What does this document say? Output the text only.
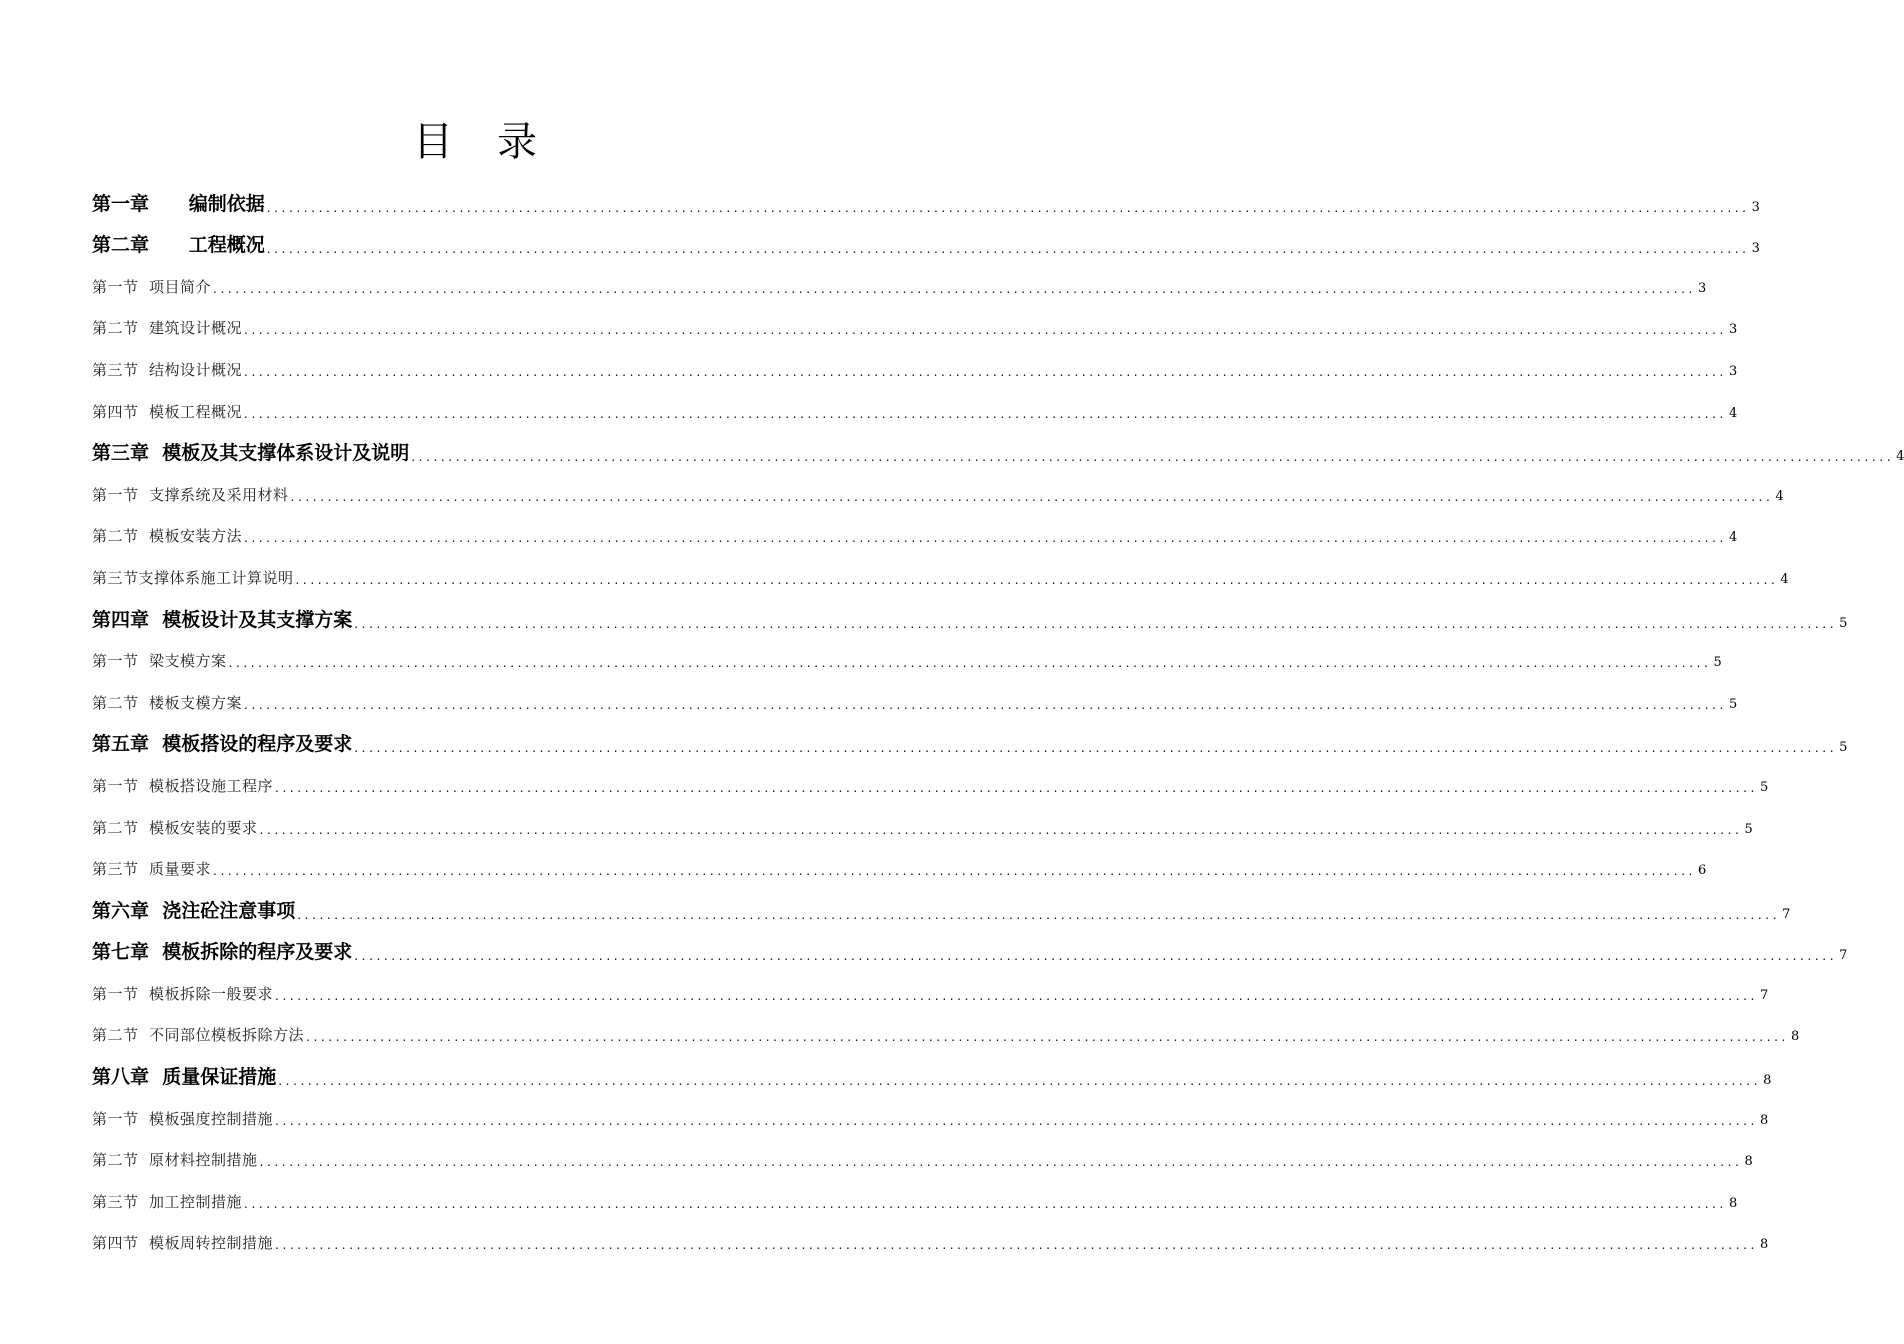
目 录
第一章      编制依据 ........................................................................................................................................................................................................ 3
第二章      工程概况 ........................................................................................................................................................................................................ 3
第一节  项目简介 ........................................................................................................................................................................................................ 3
第二节  建筑设计概况 ........................................................................................................................................................................................................ 3
第三节  结构设计概况 ........................................................................................................................................................................................................ 3
第四节  模板工程概况 ........................................................................................................................................................................................................ 4
第三章  模板及其支撑体系设计及说明 ........................................................................................................................................................................................................ 4
第一节  支撑系统及采用材料 ........................................................................................................................................................................................................ 4
第二节  模板安装方法 ........................................................................................................................................................................................................ 4
第三节支撑体系施工计算说明 ........................................................................................................................................................................................................ 4
第四章  模板设计及其支撑方案 ........................................................................................................................................................................................................ 5
第一节  梁支模方案 ........................................................................................................................................................................................................ 5
第二节  楼板支模方案 ........................................................................................................................................................................................................ 5
第五章  模板搭设的程序及要求 ........................................................................................................................................................................................................ 5
第一节  模板搭设施工程序 ........................................................................................................................................................................................................ 5
第二节  模板安装的要求 ........................................................................................................................................................................................................ 5
第三节  质量要求 ........................................................................................................................................................................................................ 6
第六章  浇注砼注意事项 ........................................................................................................................................................................................................ 7
第七章  模板拆除的程序及要求 ........................................................................................................................................................................................................ 7
第一节  模板拆除一般要求 ........................................................................................................................................................................................................ 7
第二节  不同部位模板拆除方法 ........................................................................................................................................................................................................ 8
第八章  质量保证措施 ........................................................................................................................................................................................................ 8
第一节  模板强度控制措施 ........................................................................................................................................................................................................ 8
第二节  原材料控制措施 ........................................................................................................................................................................................................ 8
第三节  加工控制措施 ........................................................................................................................................................................................................ 8
第四节  模板周转控制措施 ........................................................................................................................................................................................................ 8
